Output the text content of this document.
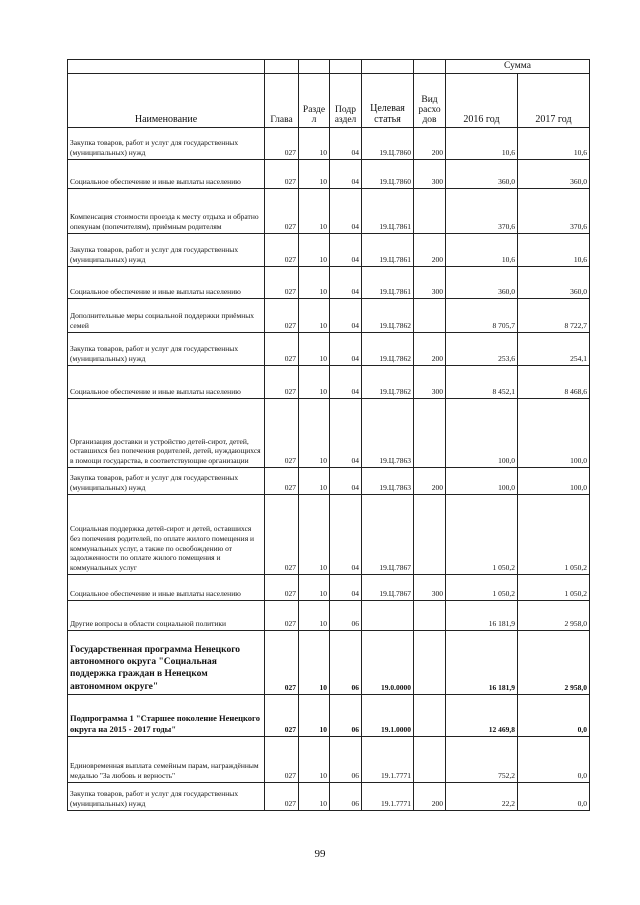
						Сумма	
Наименование	Глава	Разде л	Подр аздел	Целевая статья	Вид расхо дов	2016 год	2017 год
Закупка товаров, работ и услуг для государственных (муниципальных) нужд	027	10	04	19.Ц.7860	200	10,6	10,6
Социальное обеспечение и иные выплаты населению	027	10	04	19.Ц.7860	300	360,0	360,0
Компенсация стоимости проезда к месту отдыха и обратно опекунам (попечителям), приёмным родителям	027	10	04	19.Ц.7861		370,6	370,6
Закупка товаров, работ и услуг для государственных (муниципальных) нужд	027	10	04	19.Ц.7861	200	10,6	10,6
Социальное обеспечение и иные выплаты населению	027	10	04	19.Ц.7861	300	360,0	360,0
Дополнительные меры социальной поддержки приёмных семей	027	10	04	19.Ц.7862		8 705,7	8 722,7
Закупка товаров, работ и услуг для государственных (муниципальных) нужд	027	10	04	19.Ц.7862	200	253,6	254,1
Социальное обеспечение и иные выплаты населению	027	10	04	19.Ц.7862	300	8 452,1	8 468,6
Организация доставки и устройство детей-сирот, детей, оставшихся без попечения родителей, детей, нуждающихся в помощи государства, в соответствующие организации	027	10	04	19.Ц.7863		100,0	100,0
Закупка товаров, работ и услуг для государственных (муниципальных) нужд	027	10	04	19.Ц.7863	200	100,0	100,0
Социальная поддержка детей-сирот и детей, оставшихся без попечения родителей, по оплате жилого помещения и коммунальных услуг, а также по освобождению от задолженности по оплате жилого помещения и коммунальных услуг	027	10	04	19.Ц.7867		1 050,2	1 050,2
Социальное обеспечение и иные выплаты населению	027	10	04	19.Ц.7867	300	1 050,2	1 050,2
Другие вопросы в области социальной политики	027	10	06			16 181,9	2 958,0
Государственная программа Ненецкого автономного округа "Социальная поддержка граждан в Ненецком автономном округе"	027	10	06	19.0.0000		16 181,9	2 958,0
Подпрограмма 1 "Старшее поколение Ненецкого округа на 2015 - 2017 годы"	027	10	06	19.1.0000		12 469,8	0,0
Единовременная выплата семейным парам, награждённым медалью "За любовь и верность"	027	10	06	19.1.7771		752,2	0,0
Закупка товаров, работ и услуг для государственных (муниципальных) нужд	027	10	06	19.1.7771	200	22,2	0,0
99
